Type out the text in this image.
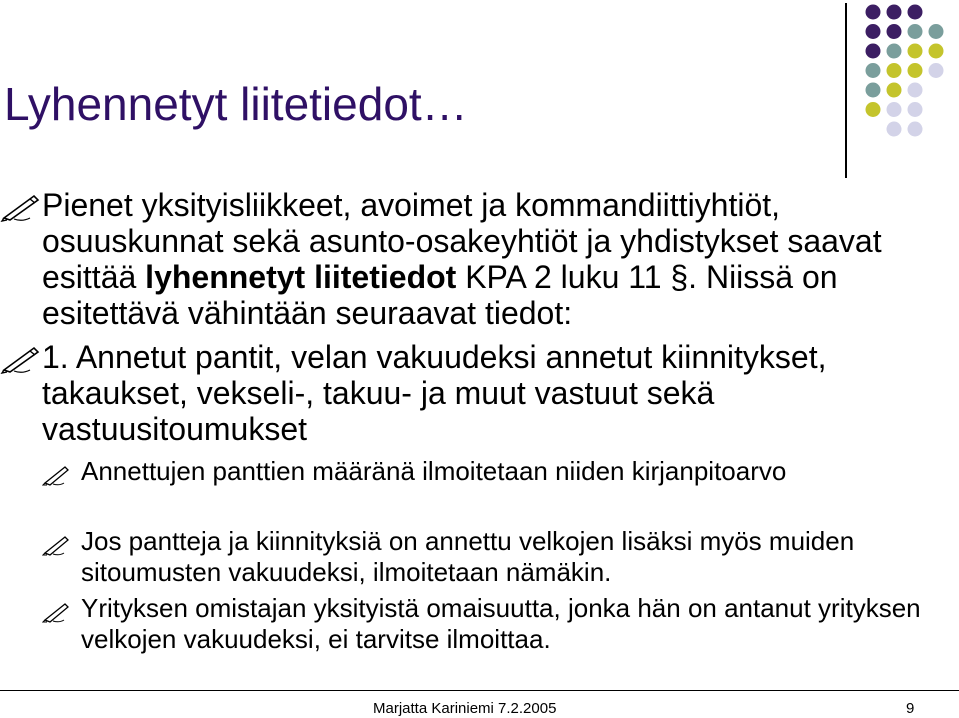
Lyhennetyt liitetiedot…
Pienet yksityisliikkeet, avoimet ja kommandiittiyhtiöt, osuuskunnat sekä asunto-osakeyhtiöt ja yhdistykset saavat esittää lyhennetyt liitetiedot KPA 2 luku 11 §. Niissä on esitettävä vähintään seuraavat tiedot:
1. Annetut pantit, velan vakuudeksi annetut kiinnitykset, takaukset, vekseli-, takuu- ja muut vastuut sekä vastuusitoumukset
Annettujen panttien määränä ilmoitetaan niiden kirjanpitoarvo
Jos pantteja ja kiinnityksiä on annettu velkojen lisäksi myös muiden sitoumusten vakuudeksi, ilmoitetaan nämäkin.
Yrityksen omistajan yksityistä omaisuutta, jonka hän on antanut yrityksen velkojen vakuudeksi, ei tarvitse ilmoittaa.
Marjatta Kariniemi 7.2.2005	9
